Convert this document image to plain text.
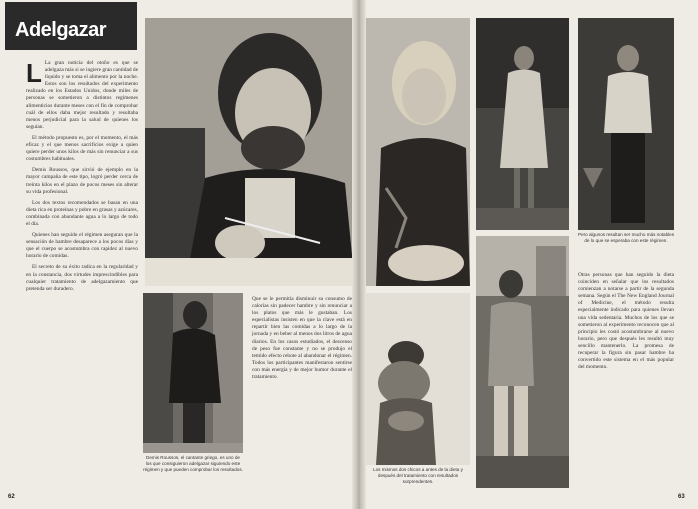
Adelgazar
L La gran noticia del otoño es que se adelgaza más si se ingiere gran cantidad de líquido y se toma el alimento por la noche. Estos son los resultados del experimento realizado en los Estados Unidos, donde miles de personas se sometieron a distintos regímenes alimenticios durante meses con el fin de comprobar cuál de ellos daba mejor resultado y resultaba menos perjudicial para la salud de quienes los seguían.

El método propuesto es, por el momento, el más eficaz y el que menos sacrificios exige a quien quiere perder unos kilos de más sin renunciar a sus costumbres habituales.

Demis Roussos, que sirvió de ejemplo en la mayor campaña de este tipo, logró perder cerca de treinta kilos en el plazo de pocos meses sin alterar su vida profesional.

Los dos textos recomendados se basan en una dieta rica en proteínas y pobre en grasas y azúcares, combinada con abundante agua a lo largo de todo el día.

Quienes han seguido el régimen aseguran que la sensación de hambre desaparece a los pocos días y que el cuerpo se acostumbra con rapidez al nuevo horario de comidas.

El secreto de su éxito radica en la regularidad y en la constancia, dos virtudes imprescindibles para cualquier tratamiento de adelgazamiento que pretenda ser duradero.

Demis Roussos, el cantante griego, es uno de los que consiguieron adelgazar siguiendo este régimen y que pueden comprobar los resultados.

Que se le permitía disminuir su consumo de calorías sin padecer hambre y sin renunciar a los platos que más le gustaban. Los especialistas insisten en que la clave está en repartir bien las comidas a lo largo de la jornada y en beber al menos dos litros de agua diarios. En los casos estudiados, el descenso de peso fue constante y no se produjo el temido efecto rebote al abandonar el régimen. Todos los participantes manifestaron sentirse con más energía y de mejor humor durante el tratamiento.

62
Pero algunos resultan ser mucho más notables de lo que se esperaba con este régimen.
Los mismos dos chicos a antes de la dieta y después del tratamiento con resultados sorprendentes.

Otras personas que han seguido la dieta coinciden en señalar que los resultados comienzan a notarse a partir de la segunda semana. Según el The New England Journal of Medicine, el método resulta especialmente indicado para quienes llevan una vida sedentaria. Muchos de los que se sometieron al experimento reconocen que al principio les costó acostumbrarse al nuevo horario, pero que después les resultó muy sencillo mantenerlo. La promesa de recuperar la figura sin pasar hambre ha convertido este sistema en el más popular del momento.

63
